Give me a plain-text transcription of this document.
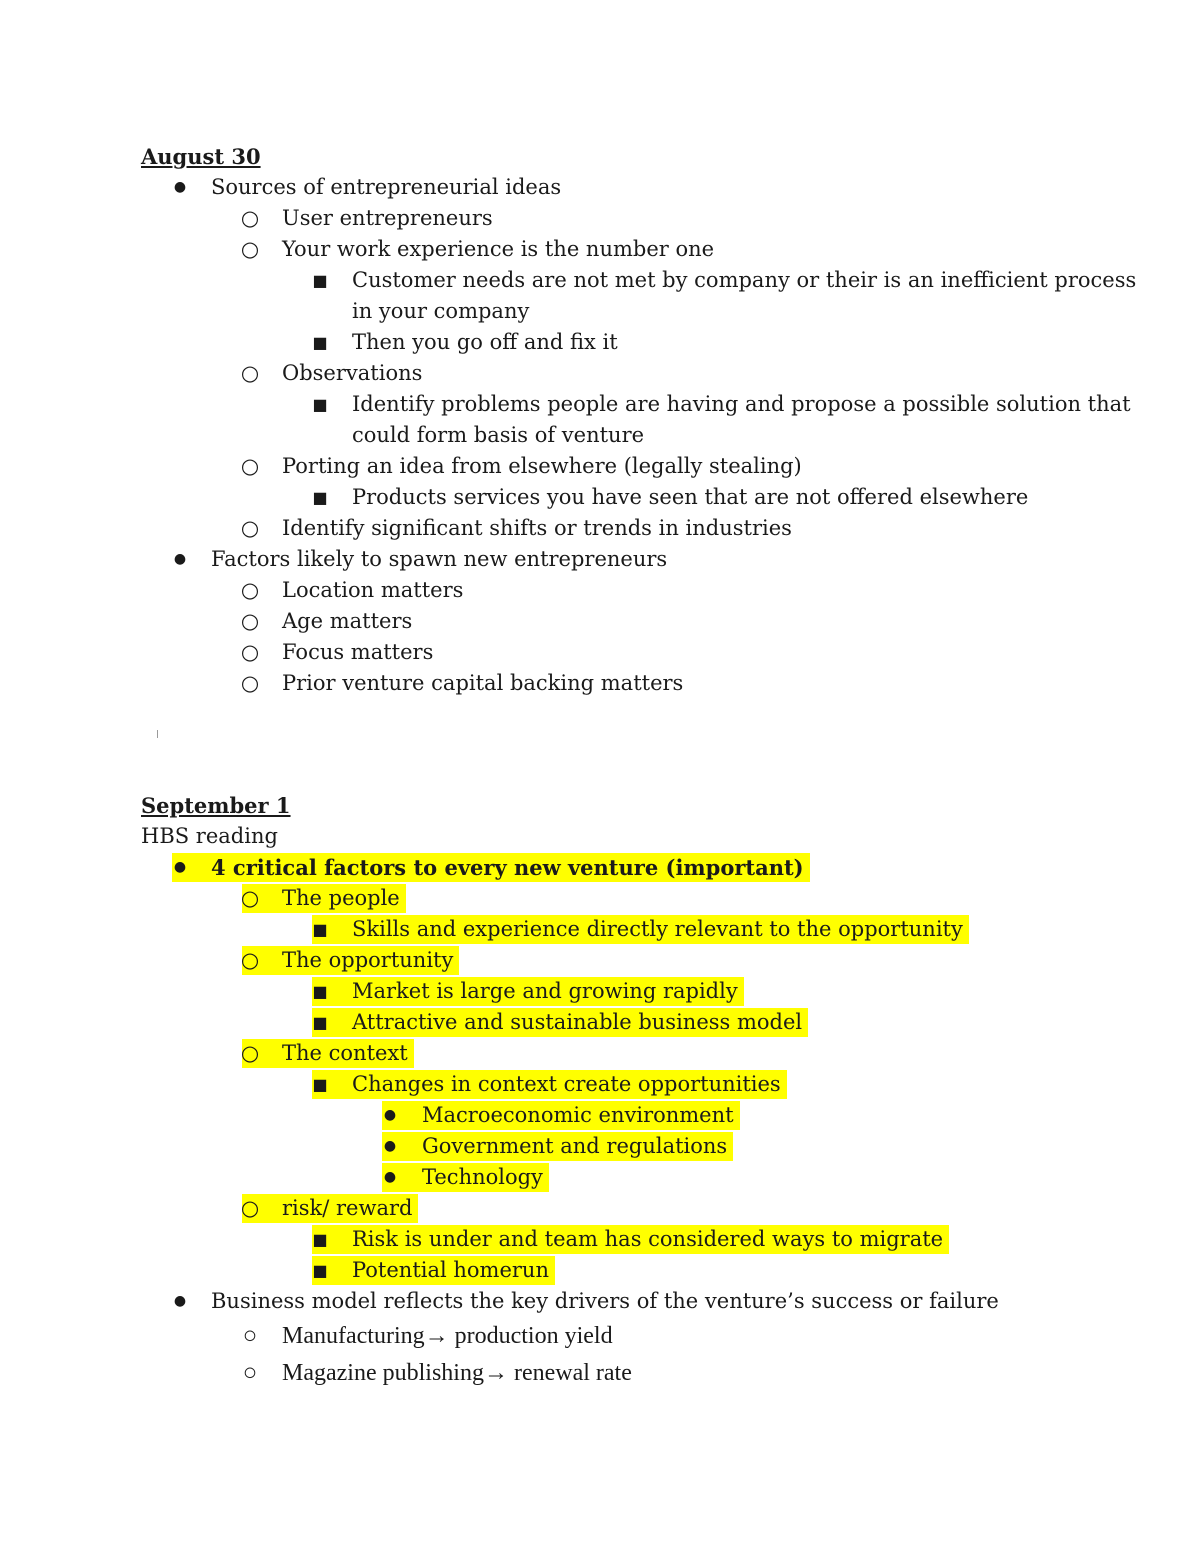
August 30
● Sources of entrepreneurial ideas
○ User entrepreneurs
○ Your work experience is the number one
■ Customer needs are not met by company or their is an inefficient process
in your company
■ Then you go off and fix it
○ Observations
■ Identify problems people are having and propose a possible solution that
could form basis of venture
○ Porting an idea from elsewhere (legally stealing)
■ Products services you have seen that are not offered elsewhere
○ Identify significant shifts or trends in industries
● Factors likely to spawn new entrepreneurs
○ Location matters
○ Age matters
○ Focus matters
○ Prior venture capital backing matters
September 1
HBS reading
● 4 critical factors to every new venture (important)
○ The people
■ Skills and experience directly relevant to the opportunity
○ The opportunity
■ Market is large and growing rapidly
■ Attractive and sustainable business model
○ The context
■ Changes in context create opportunities
● Macroeconomic environment
● Government and regulations
● Technology
○ risk/ reward
■ Risk is under and team has considered ways to migrate
■ Potential homerun
● Business model reflects the key drivers of the venture’s success or failure
○ Manufacturing→ production yield
○ Magazine publishing→ renewal rate
